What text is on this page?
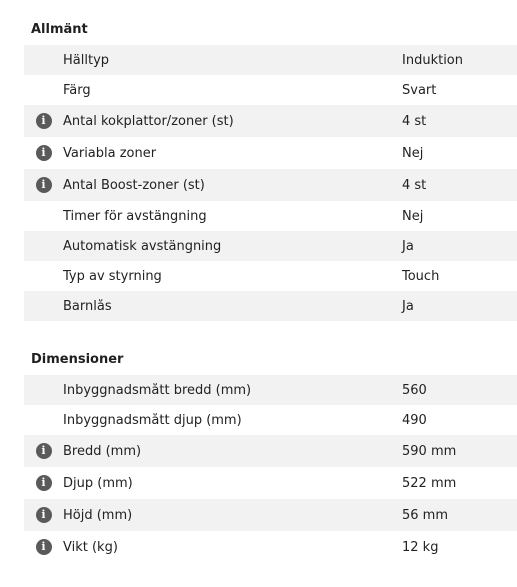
Allmänt
Hälltyp	Induktion
Färg	Svart
i	Antal kokplattor/zoner (st)	4 st
i	Variabla zoner	Nej
i	Antal Boost-zoner (st)	4 st
Timer för avstängning	Nej
Automatisk avstängning	Ja
Typ av styrning	Touch
Barnlås	Ja
Dimensioner
Inbyggnadsmått bredd (mm)	560
Inbyggnadsmått djup (mm)	490
i	Bredd (mm)	590 mm
i	Djup (mm)	522 mm
i	Höjd (mm)	56 mm
i	Vikt (kg)	12 kg
